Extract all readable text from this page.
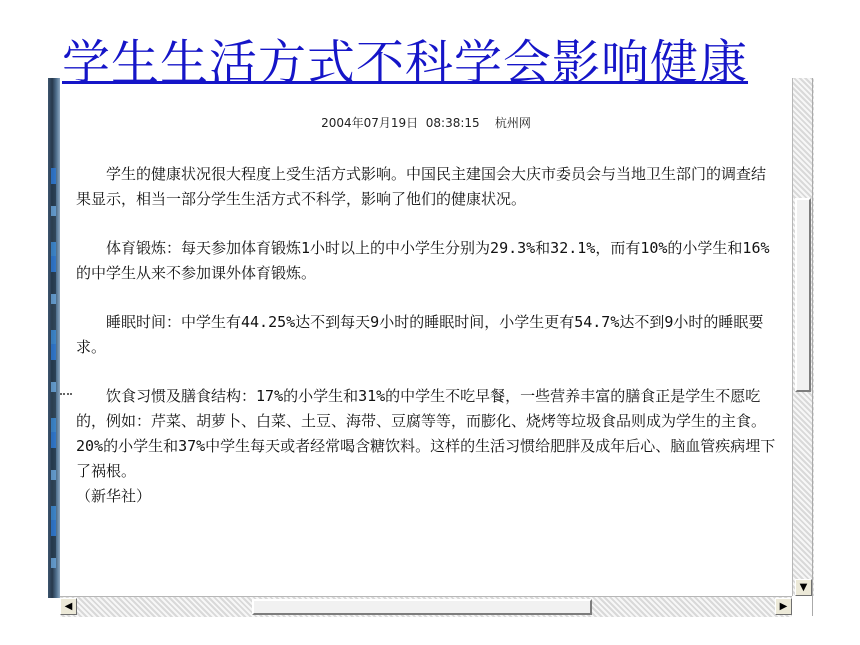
学生生活方式不科学会影响健康
2004年07月19日  08:38:15    杭州网

学生的健康状况很大程度上受生活方式影响。中国民主建国会大庆市委员会与当地卫生部门的调查结果显示，相当一部分学生生活方式不科学，影响了他们的健康状况。

体育锻炼：每天参加体育锻炼1小时以上的中小学生分别为29.3%和32.1%，而有10%的小学生和16%的中学生从来不参加课外体育锻炼。

睡眠时间：中学生有44.25%达不到每天9小时的睡眠时间，小学生更有54.7%达不到9小时的睡眠要求。

饮食习惯及膳食结构：17%的小学生和31%的中学生不吃早餐，一些营养丰富的膳食正是学生不愿吃的，例如：芹菜、胡萝卜、白菜、土豆、海带、豆腐等等，而膨化、烧烤等垃圾食品则成为学生的主食。20%的小学生和37%中学生每天或者经常喝含糖饮料。这样的生活习惯给肥胖及成年后心、脑血管疾病埋下了祸根。

（新华社）

▼
◀	▶
